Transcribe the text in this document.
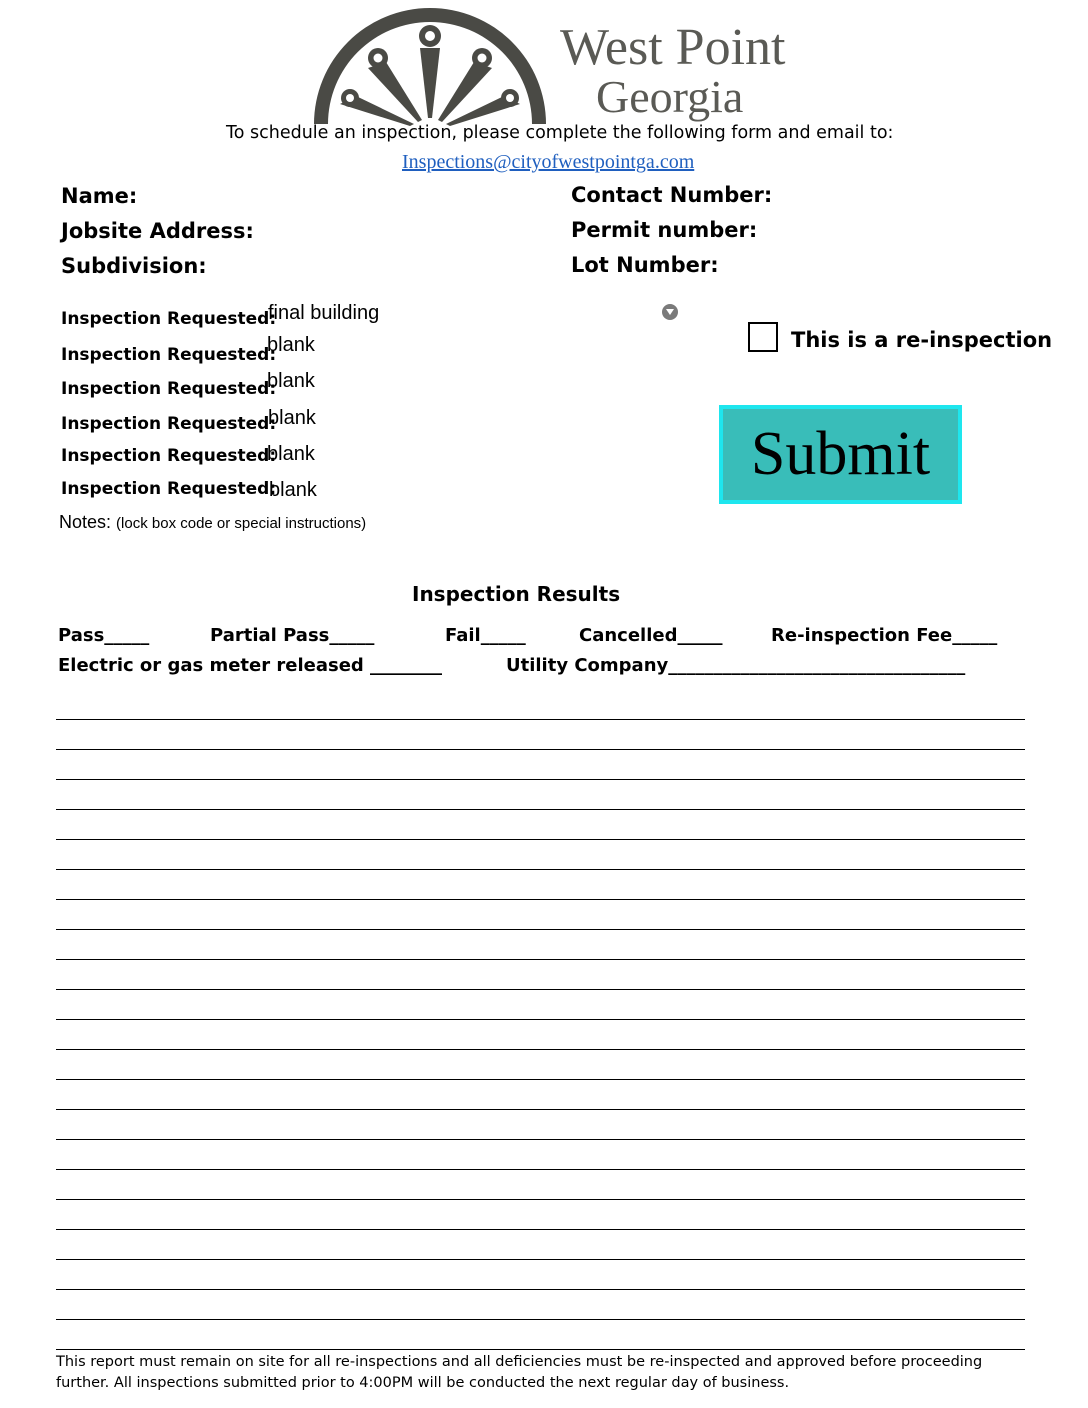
West Point
Georgia
To schedule an inspection, please complete the following form and email to:
Inspections@cityofwestpointga.com
Name:	Contact Number:
Jobsite Address:	Permit number:
Subdivision:	Lot Number:
Inspection Requested:
final building
Inspection Requested:
blank
Inspection Requested:
blank
Inspection Requested:
blank
Inspection Requested:
blank
Inspection Requested:
blank
This is a re-inspection
Submit
Notes: (lock box code or special instructions)
Inspection Results
Pass_____	Partial Pass_____	Fail_____	Cancelled_____	Re-inspection Fee_____
Electric or gas meter released ________	Utility Company_________________________________
This report must remain on site for all re-inspections and all deficiencies must be re-inspected and approved before proceeding
further. All inspections submitted prior to 4:00PM will be conducted the next regular day of business.
